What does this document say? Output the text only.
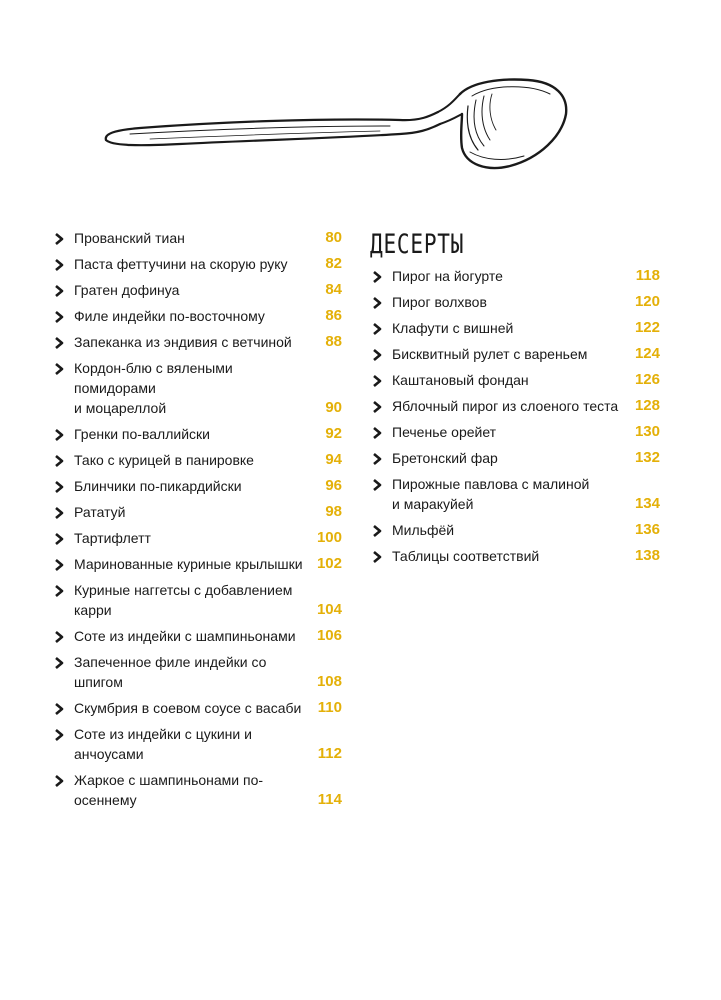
Прованский тиан	80
Паста феттучини на скорую руку	82
Гратен дофинуа	84
Филе индейки по-восточному	86
Запеканка из эндивия с ветчиной	88
Кордон-блю с вялеными помидорами
и моцареллой	90
Гренки по-валлийски	92
Тако с курицей в панировке	94
Блинчики по-пикардийски	96
Рататуй	98
Тартифлетт	100
Маринованные куриные крылышки 102
Куриные наггетсы с добавлением
карри	104
Соте из индейки с шампиньонами	106
Запеченное филе индейки со шпигом	108
Скумбрия в соевом соусе с васаби	110
Соте из индейки с цукини и анчоусами	112
Жаркое с шампиньонами по-осеннему	114
ДЕСЕРТЫ
Пирог на йогурте	118
Пирог волхвов	120
Клафути с вишней	122
Бисквитный рулет с вареньем	124
Каштановый фондан	126
Яблочный пирог из слоеного теста	128
Печенье орейет	130
Бретонский фар	132
Пирожные павлова с малиной
и маракуйей	134
Мильфёй	136
Таблицы соответствий	138
